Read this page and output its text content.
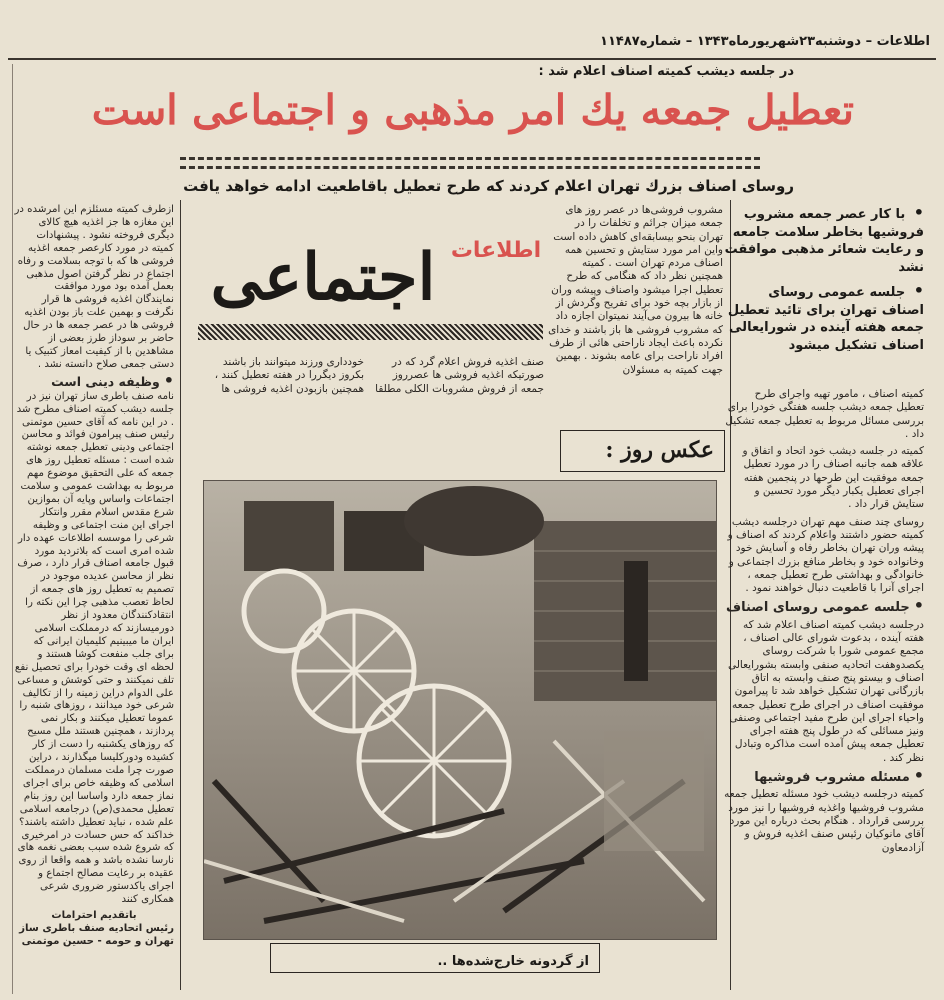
اطلاعات – دوشنبه۲۳شهریورماه۱۳۴۳ – شماره۱۱۴۸۷
در جلسه دیشب کمیته اصناف اعلام شد :
تعطیل جمعه یك امر مذهبی و اجتماعی است
روسای اصناف بزرك تهران اعلام کردند که طرح تعطیل باقاطعیت ادامه خواهد یافت
• با کار عصر جمعه مشروب فروشیها بخاطر سلامت جامعه و رعایت شعائر مذهبی موافقت نشد
• جلسه عمومی روسای اصناف تهران برای تائید تعطیل جمعه هفته آینده در شورایعالی اصناف تشکیل میشود

کمیته اصناف ، مامور تهیه واجرای طرح تعطیل جمعه دیشب جلسه هفتگی خودرا برای بررسی مسائل مربوط به تعطیل جمعه تشکیل داد .

کمیته در جلسه دیشب خود اتحاد و اتفاق و علاقه همه جانبه اصناف را در مورد تعطیل جمعه موفقیت این طرحها در پنجمین هفته اجرای تعطیل یکبار دیگر مورد تحسین و ستایش قرار داد .

روسای چند صنف مهم تهران درجلسه دیشب کمیته حضور داشتند واعلام کردند که اصناف و پیشه وران تهران بخاطر رفاه و آسایش خود وخانواده خود و بخاطر منافع بزرك اجتماعی و خانوادگی و بهداشتی طرح تعطیل جمعه ، اجرای آنرا با قاطعیت دنبال خواهند نمود .

• جلسه عمومی روسای اصناف

درجلسه دیشب کمیته اصناف اعلام شد که هفته آینده ، بدعوت شورای عالی اصناف ، مجمع عمومی شورا با شرکت روسای یکصدوهفت اتحادیه صنفی وابسته بشورایعالی اصناف و بیستو پنج صنف وابسته به اتاق بازرگانی تهران تشکیل خواهد شد تا پیرامون موفقیت اصناف در اجرای طرح تعطیل جمعه واحیاء اجرای این طرح مفید اجتماعی وصنفی ونیز مسائلی که در طول پنج هفته اجرای تعطیل جمعه پیش آمده است مذاکره وتبادل نظر کند .

• مسئله مشروب فروشیها

کمیته درجلسه دیشب خود مسئله تعطیل جمعه مشروب فروشیها واغذیه فروشیها را نیز مورد بررسی قرارداد . هنگام بحث درباره این مورد آقای مانوکیان رئیس صنف اغذیه فروش و آزادمعاون

مشروب فروشی‌ها در عصر روز های جمعه میزان جرائم و تخلفات را در تهران بنحو بیسابقه‌ای کاهش داده است واین امر مورد ستایش و تحسین همه اصناف مردم تهران است . کمیته همچنین نظر داد که هنگامی که طرح تعطیل اجرا میشود واصناف وپیشه وران از بازار بچه خود برای تفریح وگردش از خانه ها بیرون می‌آیند نمیتوان اجازه داد که مشروب فروشی ها باز باشند و خدای نکرده باعث ایجاد ناراحتی هائی از طرف افراد ناراحت برای عامه بشوند . بهمین جهت کمیته به مسئولان
اجتماعی اطلاعات
صنف اغذیه فروش اعلام گرد که در صورتیکه اغذیه فروشی ها عصرروز جمعه از فروش مشروبات الکلی مطلقا
خودداری ورزند میتوانند باز باشند بکروز دیگررا در هفته تعطیل کنند ، همچنین بازبودن اغذیه فروشی ها

ازطرف کمیته مسئلزم این امرشده در این مغازه ها جز اغذیه هیچ کالای دیگری فروخته نشود . پیشنهادات کمیته در مورد کارعصر جمعه اغذیه فروشی ها که با توجه بسلامت و رفاه اجتماع در نظر گرفتن اصول مذهبی بعمل آمده بود مورد موافقت نمایندگان اغذیه فروشی ها قرار نگرفت و بهمین علت باز بودن اغذیه فروشی ها در عصر جمعه ها در حال حاضر بر سوداز طرز بعضی از مشاهدین با از کیفیت امعاز کتبیک یا دستی جمعی صلاح دانسته نشد .

• وظیفه دینی است

نامه صنف باطری ساز تهران نیز در جلسه دیشب کمیته اصناف مطرح شد . در این نامه که آقای حسین موتمنی رئیس صنف پیرامون فوائد و محاسن اجتماعی ودینی تعطیل جمعه نوشته شده است : مسئله تعطیل روز های جمعه که علی التحقیق موضوع مهم مربوط به بهداشت عمومی و سلامت اجتماعات واساس وپایه آن بموازین شرع مقدس اسلام مقرر وانتکار اجرای این منت اجتماعی و وظیفه شرعی را موسسه اطلاعات عهده دار شده امری است که بلاتردید مورد قبول جامعه اصناف قرار دارد ، صرف نظر از محاسن عدیده موجود در تصمیم به تعطیل روز های جمعه از لحاظ تعصب مذهبی چرا این نکته را انتقادکنندگان معدود از نظر دورمیسازند که درمملکت اسلامی ایران ما میبینیم کلیمیان ایرانی که برای جلب منفعت کوشا هستند و لحظه ای وقت خودرا برای تحصیل نفع تلف نمیکنند و حتی کوشش و مساعی علی الدوام دراین زمینه را از تکالیف شرعی خود میدانند ، روزهای شنبه را عموما تعطیل میکنند و بکار نمی پردازند ، همچنین هستند ملل مسیح که روزهای یکشنبه را دست از کار کشیده ودورکلیسا میگذارند ، دراین صورت چرا ملت مسلمان درمملکت اسلامی که وظیفه خاص برای اجرای نماز جمعه دارد واساسا این روز بنام تعطیل محمدی(ص) درجامعه اسلامی علم شده ، نباید تعطیل داشته باشند؟ خداکند که حس حسادت در امرخیری که شروع شده سبب بعضی نغمه های نارسا نشده باشد و همه واقعا از روی عقیده بر رعایت مصالح اجتماع و اجرای یاکدستور ضروری شرعی همکاری کنند

باتقدیم احترامات
رئیس اتحادیه صنف باطری ساز تهران و حومه - حسین موتمنی
عکس روز :
از گردونه خارج‌شده‌ها ..
